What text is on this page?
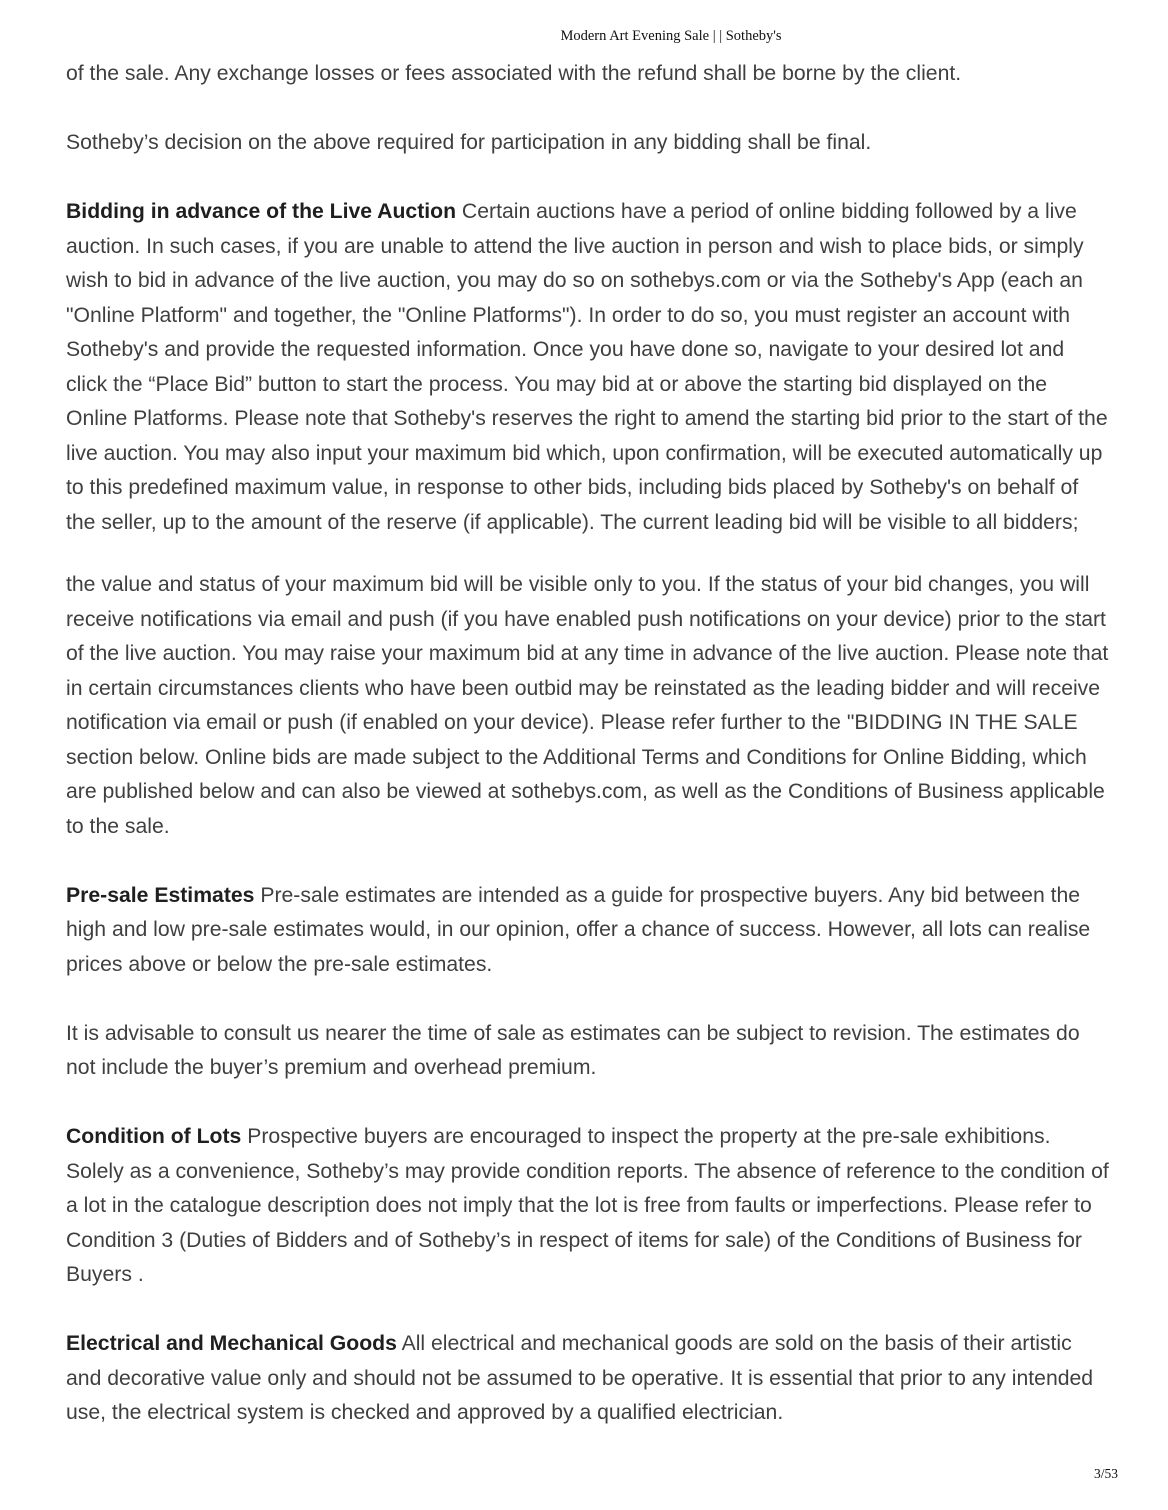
Modern Art Evening Sale | | Sotheby's

of the sale. Any exchange losses or fees associated with the refund shall be borne by the client.

Sotheby’s decision on the above required for participation in any bidding shall be final.

Bidding in advance of the Live Auction Certain auctions have a period of online bidding followed by a live auction. In such cases, if you are unable to attend the live auction in person and wish to place bids, or simply wish to bid in advance of the live auction, you may do so on sothebys.com or via the Sotheby's App (each an "Online Platform" and together, the "Online Platforms"). In order to do so, you must register an account with Sotheby's and provide the requested information. Once you have done so, navigate to your desired lot and click the “Place Bid” button to start the process. You may bid at or above the starting bid displayed on the Online Platforms. Please note that Sotheby's reserves the right to amend the starting bid prior to the start of the live auction. You may also input your maximum bid which, upon confirmation, will be executed automatically up to this predefined maximum value, in response to other bids, including bids placed by Sotheby's on behalf of the seller, up to the amount of the reserve (if applicable). The current leading bid will be visible to all bidders;

the value and status of your maximum bid will be visible only to you. If the status of your bid changes, you will receive notifications via email and push (if you have enabled push notifications on your device) prior to the start of the live auction. You may raise your maximum bid at any time in advance of the live auction. Please note that in certain circumstances clients who have been outbid may be reinstated as the leading bidder and will receive notification via email or push (if enabled on your device). Please refer further to the "BIDDING IN THE SALE section below. Online bids are made subject to the Additional Terms and Conditions for Online Bidding, which are published below and can also be viewed at sothebys.com, as well as the Conditions of Business applicable to the sale.

Pre-sale Estimates Pre-sale estimates are intended as a guide for prospective buyers. Any bid between the high and low pre-sale estimates would, in our opinion, offer a chance of success. However, all lots can realise prices above or below the pre-sale estimates.

It is advisable to consult us nearer the time of sale as estimates can be subject to revision. The estimates do not include the buyer’s premium and overhead premium.

Condition of Lots Prospective buyers are encouraged to inspect the property at the pre-sale exhibitions. Solely as a convenience, Sotheby’s may provide condition reports. The absence of reference to the condition of a lot in the catalogue description does not imply that the lot is free from faults or imperfections. Please refer to Condition 3 (Duties of Bidders and of Sotheby’s in respect of items for sale) of the Conditions of Business for Buyers .

Electrical and Mechanical Goods All electrical and mechanical goods are sold on the basis of their artistic and decorative value only and should not be assumed to be operative. It is essential that prior to any intended use, the electrical system is checked and approved by a qualified electrician.

3/53
